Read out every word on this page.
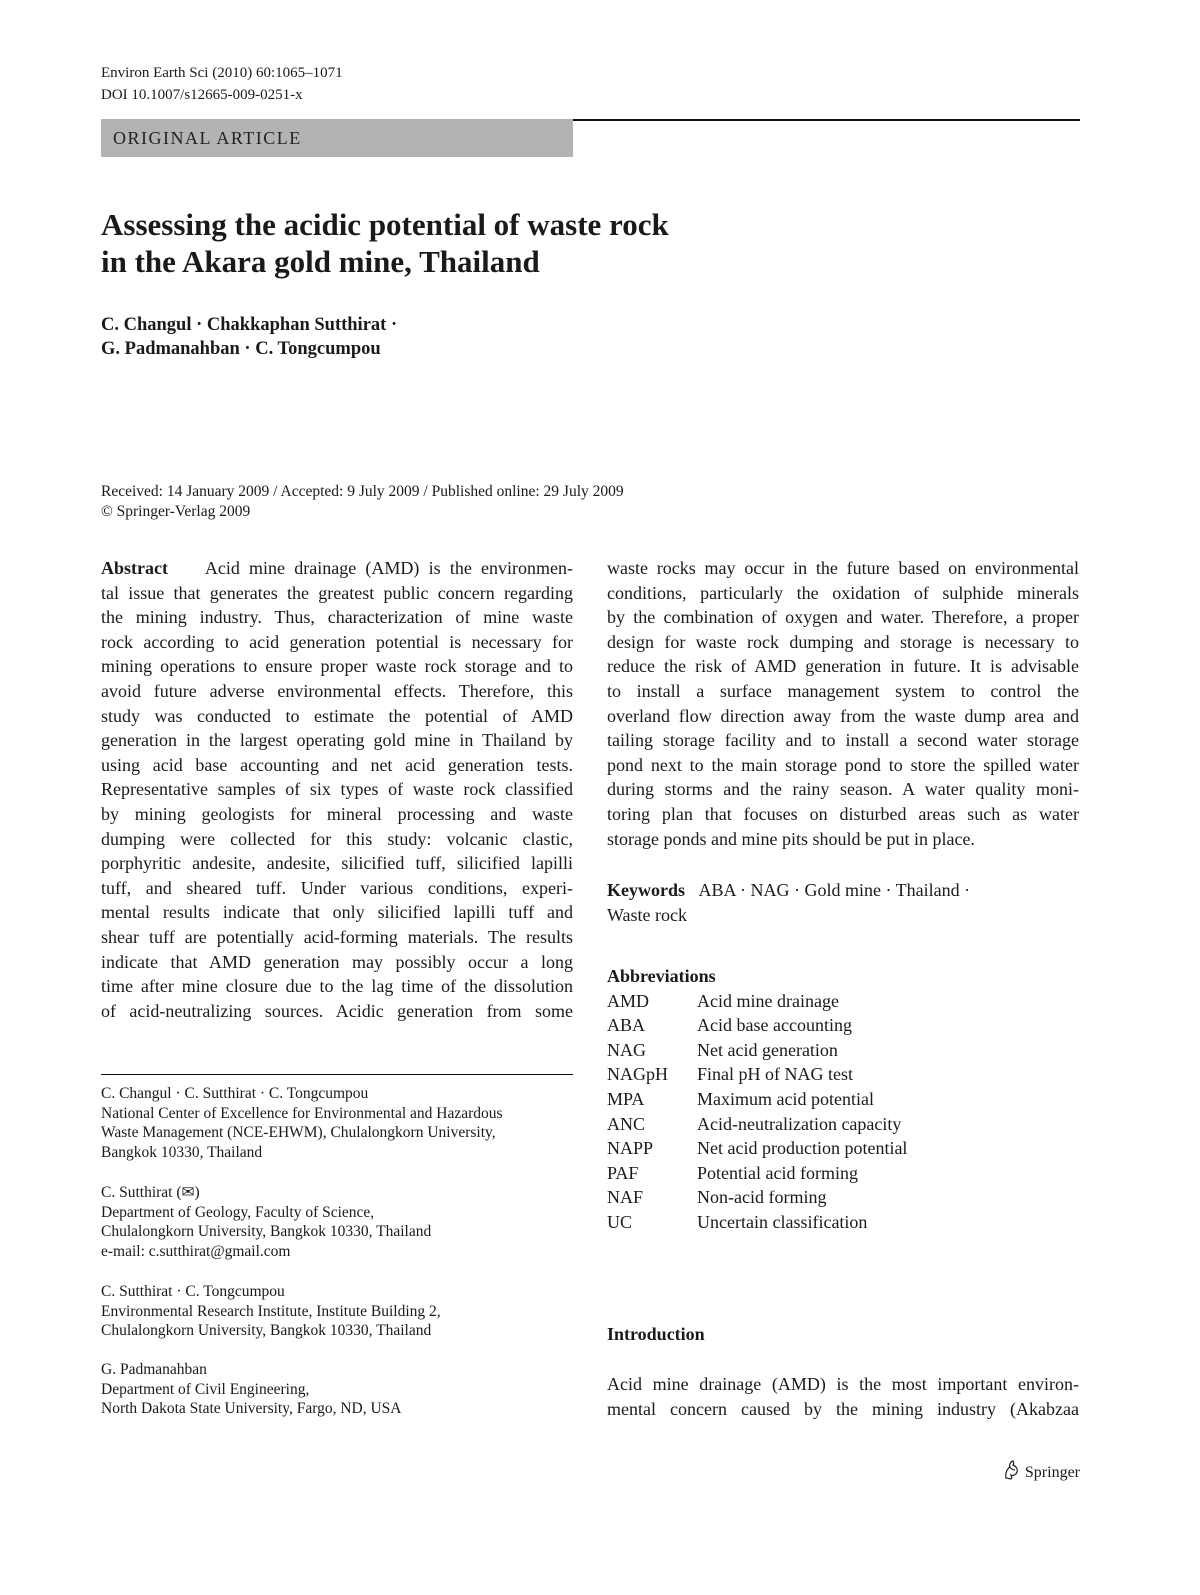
Environ Earth Sci (2010) 60:1065–1071
DOI 10.1007/s12665-009-0251-x
ORIGINAL ARTICLE
Assessing the acidic potential of waste rock
in the Akara gold mine, Thailand
C. Changul · Chakkaphan Sutthirat ·
G. Padmanahban · C. Tongcumpou
Received: 14 January 2009 / Accepted: 9 July 2009 / Published online: 29 July 2009
© Springer-Verlag 2009
Abstract Acid mine drainage (AMD) is the environmen-
tal issue that generates the greatest public concern regarding
the mining industry. Thus, characterization of mine waste
rock according to acid generation potential is necessary for
mining operations to ensure proper waste rock storage and to
avoid future adverse environmental effects. Therefore, this
study was conducted to estimate the potential of AMD
generation in the largest operating gold mine in Thailand by
using acid base accounting and net acid generation tests.
Representative samples of six types of waste rock classified
by mining geologists for mineral processing and waste
dumping were collected for this study: volcanic clastic,
porphyritic andesite, andesite, silicified tuff, silicified lapilli
tuff, and sheared tuff. Under various conditions, experi-
mental results indicate that only silicified lapilli tuff and
shear tuff are potentially acid-forming materials. The results
indicate that AMD generation may possibly occur a long
time after mine closure due to the lag time of the dissolution
of acid-neutralizing sources. Acidic generation from some
C. Changul · C. Sutthirat · C. Tongcumpou
National Center of Excellence for Environmental and Hazardous
Waste Management (NCE-EHWM), Chulalongkorn University,
Bangkok 10330, Thailand
C. Sutthirat (✉)
Department of Geology, Faculty of Science,
Chulalongkorn University, Bangkok 10330, Thailand
e-mail: c.sutthirat@gmail.com
C. Sutthirat · C. Tongcumpou
Environmental Research Institute, Institute Building 2,
Chulalongkorn University, Bangkok 10330, Thailand
G. Padmanahban
Department of Civil Engineering,
North Dakota State University, Fargo, ND, USA
waste rocks may occur in the future based on environmental
conditions, particularly the oxidation of sulphide minerals
by the combination of oxygen and water. Therefore, a proper
design for waste rock dumping and storage is necessary to
reduce the risk of AMD generation in future. It is advisable
to install a surface management system to control the
overland flow direction away from the waste dump area and
tailing storage facility and to install a second water storage
pond next to the main storage pond to store the spilled water
during storms and the rainy season. A water quality moni-
toring plan that focuses on disturbed areas such as water
storage ponds and mine pits should be put in place.
Keywords ABA · NAG · Gold mine · Thailand ·
Waste rock
Abbreviations
AMD	Acid mine drainage
ABA	Acid base accounting
NAG	Net acid generation
NAGpH	Final pH of NAG test
MPA	Maximum acid potential
ANC	Acid-neutralization capacity
NAPP	Net acid production potential
PAF	Potential acid forming
NAF	Non-acid forming
UC	Uncertain classification
Introduction
Acid mine drainage (AMD) is the most important environ-
mental concern caused by the mining industry (Akabzaa
Springer
